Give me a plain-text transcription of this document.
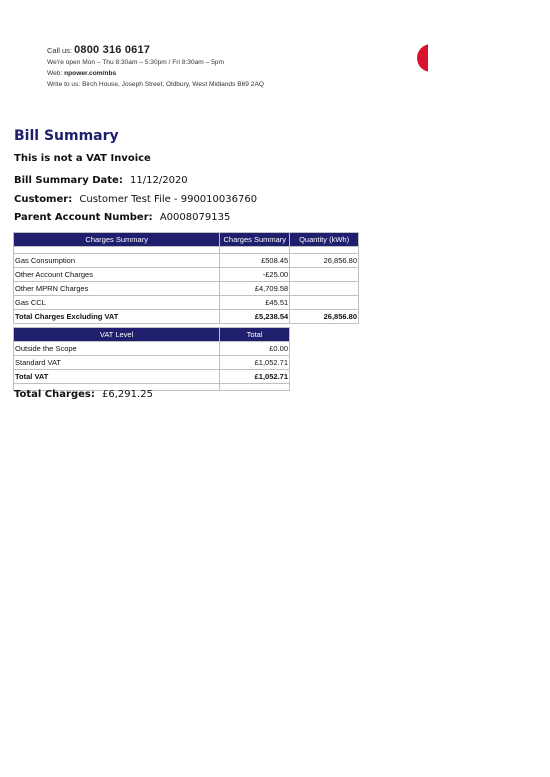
Call us: 0800 316 0617
We're open Mon – Thu 8:30am – 5:30pm / Fri 8:30am – 5pm
Web: npower.com/nbs
Write to us: Birch House, Joseph Street, Oldbury, West Midlands B69 2AQ
Bill Summary
This is not a VAT Invoice
Bill Summary Date: 11/12/2020
Customer: Customer Test File - 990010036760
Parent Account Number: A0008079135
Charges Summary	Charges Summary	Quantity (kWh)

Gas Consumption	£508.45	26,856.80
Other Account Charges	-£25.00	
Other MPRN Charges	£4,709.58	
Gas CCL	£45.51	
Total Charges Excluding VAT	£5,238.54	26,856.80
VAT Level	Total
Outside the Scope	£0.00
Standard VAT	£1,052.71
Total VAT	£1,052.71

Total Charges: £6,291.25
